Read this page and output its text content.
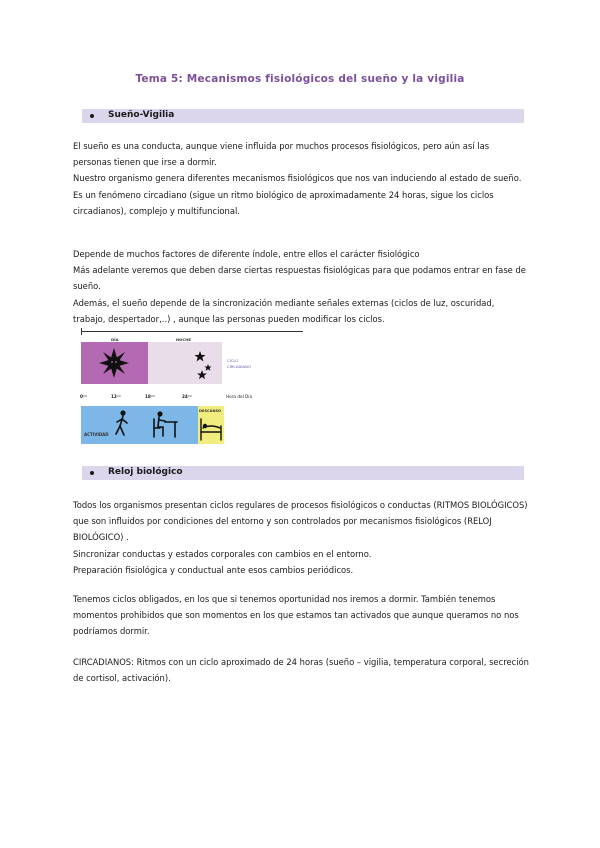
Tema 5: Mecanismos fisiológicos del sueño y la vigilia
Sueño-Vigilia

El sueño es una conducta, aunque viene influida por muchos procesos fisiológicos, pero aún así las personas tienen que irse a dormir.

Nuestro organismo genera diferentes mecanismos fisiológicos que nos van induciendo al estado de sueño.

Es un fenómeno circadiano (sigue un ritmo biológico de aproximadamente 24 horas, sigue los ciclos circadianos), complejo y multifuncional.

Depende de muchos factores de diferente índole, entre ellos el carácter fisiológico

Más adelante veremos que deben darse ciertas respuestas fisiológicas para que podamos entrar en fase de sueño.

Además, el sueño depende de la sincronización mediante señales externas (ciclos de luz, oscuridad, trabajo, despertador,..) , aunque las personas pueden modificar los ciclos.

DÍA	NOCHE
CICLO
CIRCADIANO
0ᵒᵒ	12ᵒᵒ	18ᵒᵒ	24ᵒᵒ	Hora del Día
ACTIVIDAD
DESCANSO
Reloj biológico

Todos los organismos presentan ciclos regulares de procesos fisiológicos o conductas (RITMOS BIOLÓGICOS) que son influidos por condiciones del entorno y son controlados por mecanismos fisiológicos (RELOJ BIOLÓGICO) .

Sincronizar conductas y estados corporales con cambios en el entorno.

Preparación fisiológica y conductual ante esos cambios periódicos.

Tenemos ciclos obligados, en los que si tenemos oportunidad nos iremos a dormir. También tenemos momentos prohibidos que son momentos en los que estamos tan activados que aunque queramos no nos podríamos dormir.

CIRCADIANOS: Ritmos con un ciclo aproximado de 24 horas (sueño – vigilia, temperatura corporal, secreción de cortisol, activación).
